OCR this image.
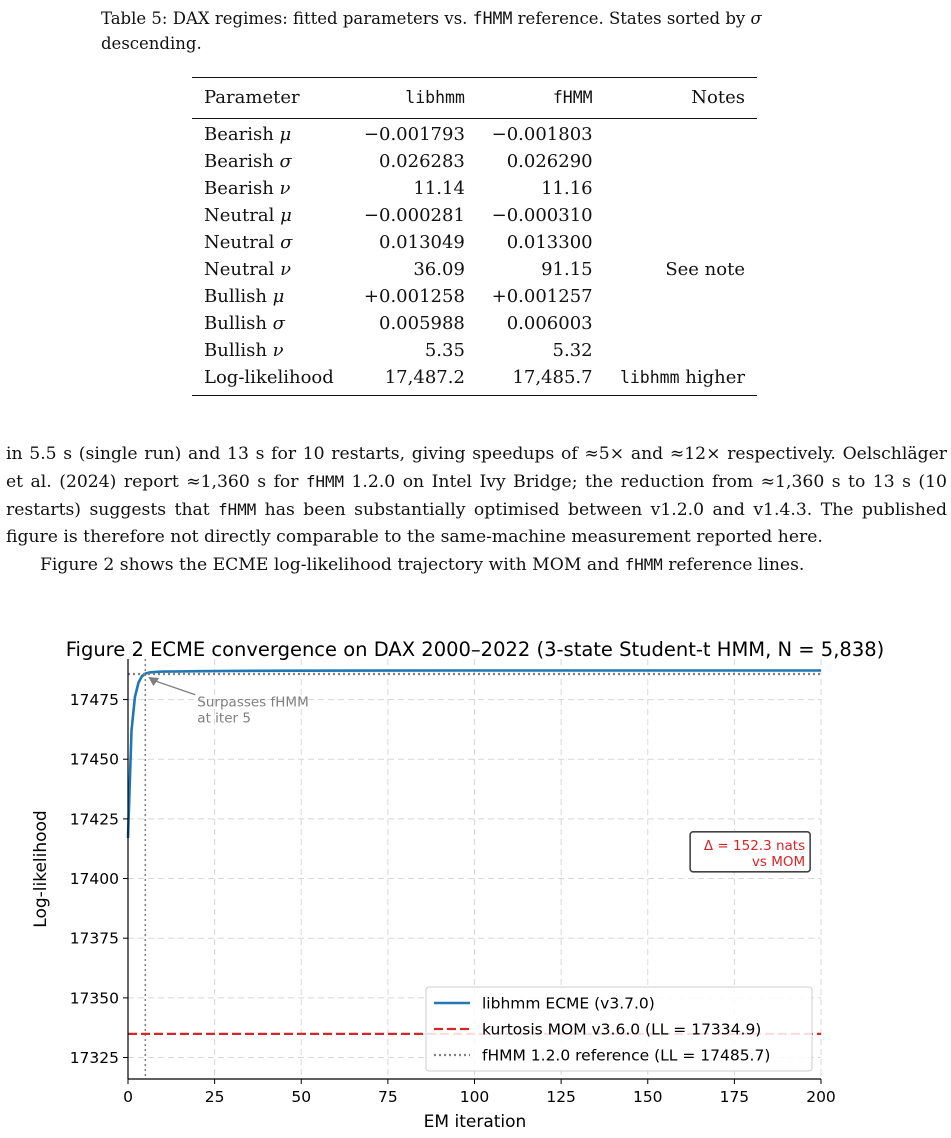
Table 5: DAX regimes: fitted parameters vs. fHMM reference. States sorted by σ descending.
Parameter	libhmm	fHMM	Notes
Bearish μ	−0.001793	−0.001803	
Bearish σ	0.026283	0.026290	
Bearish ν	11.14	11.16	
Neutral μ	−0.000281	−0.000310	
Neutral σ	0.013049	0.013300	
Neutral ν	36.09	91.15	See note
Bullish μ	+0.001258	+0.001257	
Bullish σ	0.005988	0.006003	
Bullish ν	5.35	5.32	
Log-likelihood	17,487.2	17,485.7	libhmm higher

in 5.5 s (single run) and 13 s for 10 restarts, giving speedups of ≈5× and ≈12× respectively. Oelschläger et al. (2024) report ≈1,360 s for fHMM 1.2.0 on Intel Ivy Bridge; the reduction from ≈1,360 s to 13 s (10 restarts) suggests that fHMM has been substantially optimised between v1.2.0 and v1.4.3. The published figure is therefore not directly comparable to the same-machine measurement reported here.

Figure 2 shows the ECME log-likelihood trajectory with MOM and fHMM reference lines.

Figure 2 ECME convergence on DAX 2000–2022 (3-state Student-t HMM, N = 5,838)
0	25	50	75	100	125	150	175	200
17325
17350
17375
17400
17425
17450
17475
EM iteration
Log-likelihood
Surpasses fHMM
at iter 5
Δ = 152.3 nats
vs MOM
libhmm ECME (v3.7.0)
kurtosis MOM v3.6.0 (LL = 17334.9)
fHMM 1.2.0 reference (LL = 17485.7)
